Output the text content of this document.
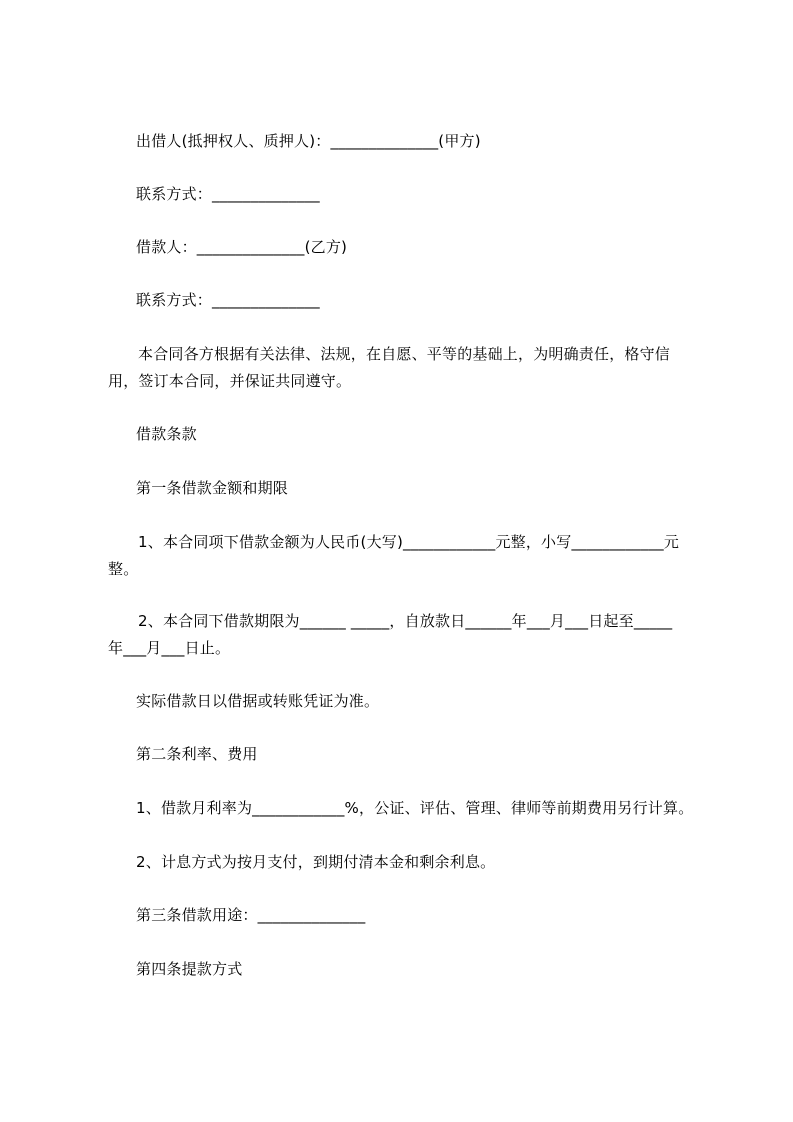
出借人(抵押权人、质押人)：______________(甲方)
联系方式：______________
借款人：______________(乙方)
联系方式：______________
本合同各方根据有关法律、法规，在自愿、平等的基础上，为明确责任，格守信
用，签订本合同，并保证共同遵守。
借款条款
第一条借款金额和期限
1、本合同项下借款金额为人民币(大写)____________元整，小写____________元
整。
2、本合同下借款期限为______ _____，自放款日______年___月___日起至_____
年___月___日止。
实际借款日以借据或转账凭证为准。
第二条利率、费用
1、借款月利率为____________%，公证、评估、管理、律师等前期费用另行计算。
2、计息方式为按月支付，到期付清本金和剩余利息。
第三条借款用途：______________
第四条提款方式
